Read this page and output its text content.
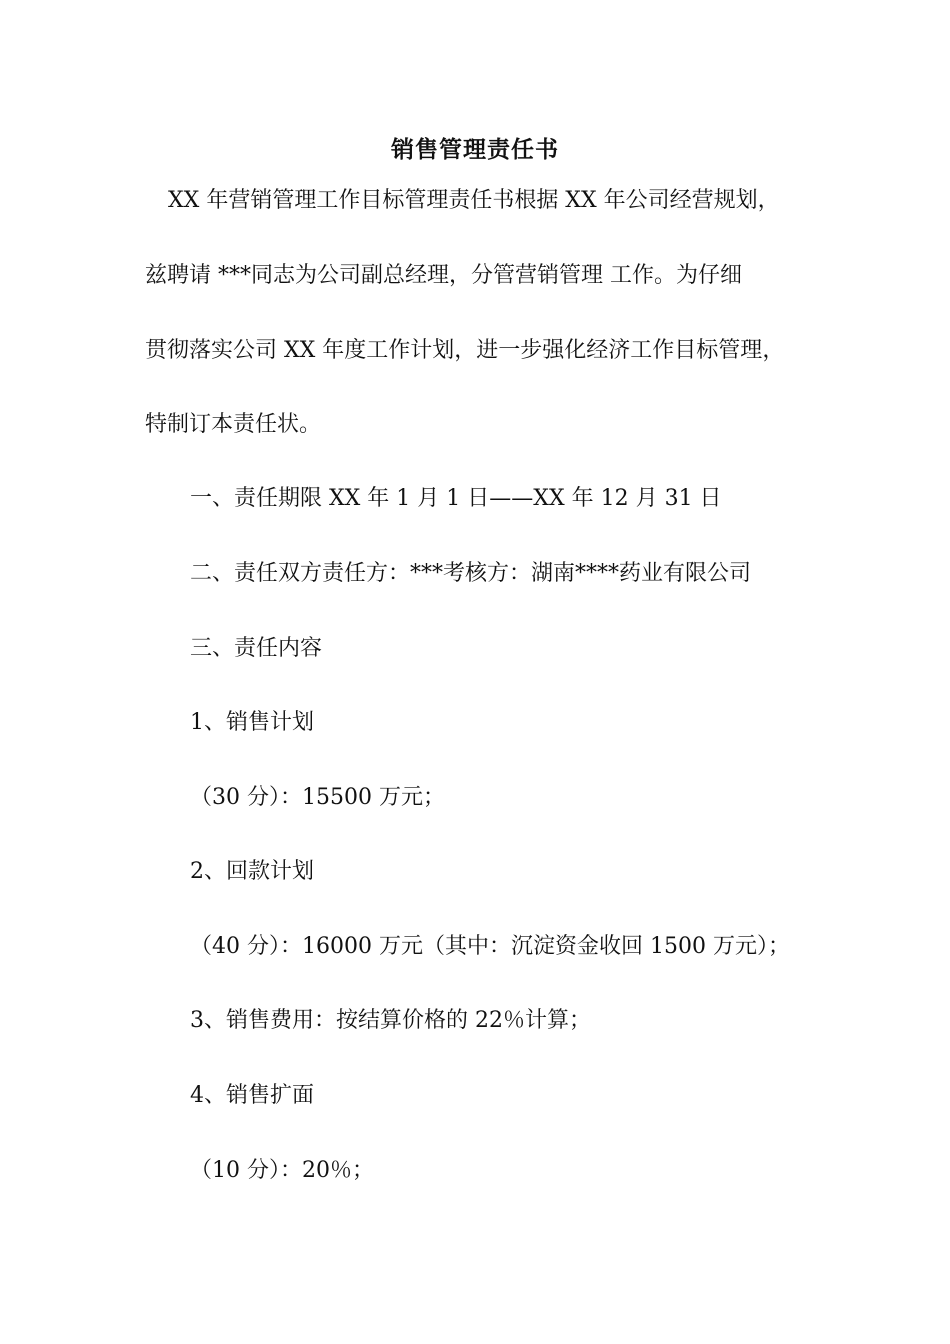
销售管理责任书
XX 年营销管理工作目标管理责任书根据 XX 年公司经营规划，
兹聘请 ***同志为公司副总经理，分管营销管理 工作。为仔细
贯彻落实公司 XX 年度工作计划，进一步强化经济工作目标管理，
特制订本责任状。
一、责任期限 XX 年 1 月 1 日——XX 年 12 月 31 日
二、责任双方责任方：***考核方：湖南****药业有限公司
三、责任内容
1、销售计划
（30 分）：15500 万元；
2、回款计划
（40 分）：16000 万元（其中：沉淀资金收回 1500 万元）；
3、销售费用：按结算价格的 22％计算；
4、销售扩面
（10 分）：20％；
